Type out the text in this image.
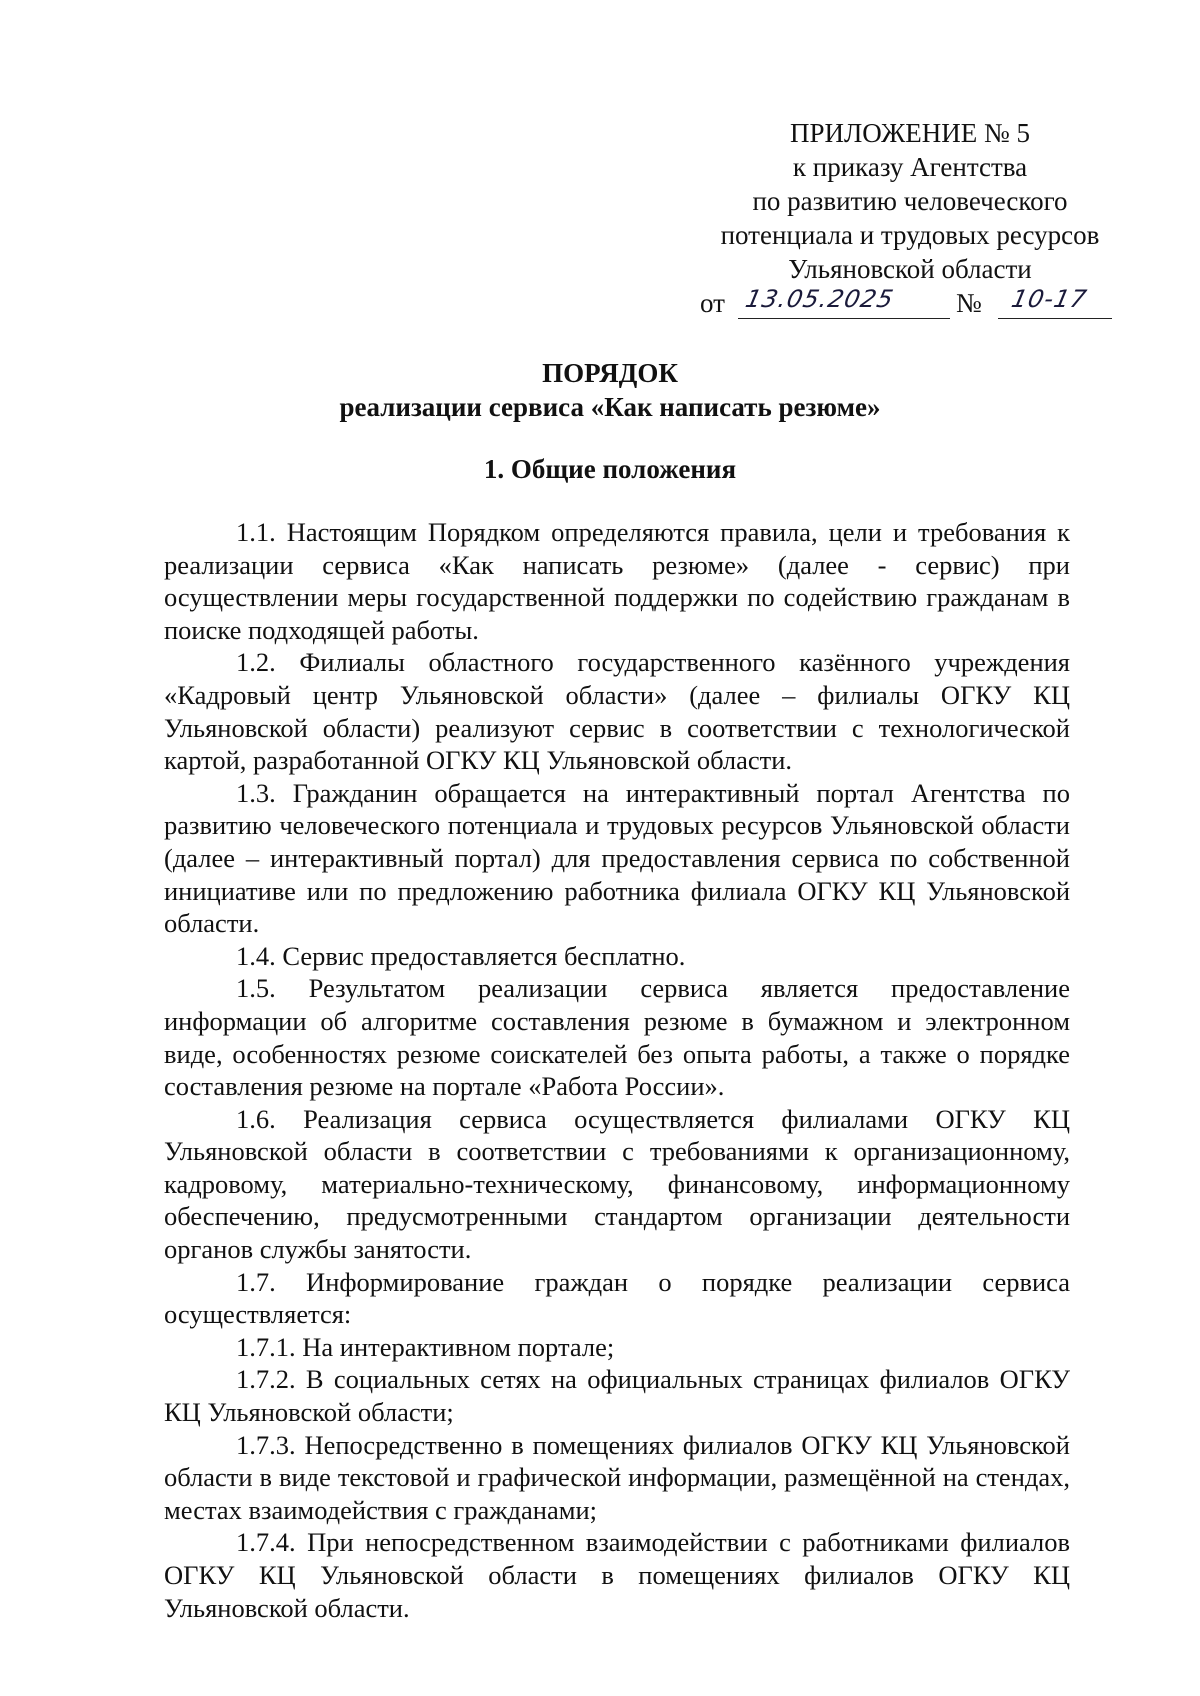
ПРИЛОЖЕНИЕ № 5
к приказу Агентства
по развитию человеческого
потенциала и трудовых ресурсов
Ульяновской области
от 13.05.2025 № 10-17
ПОРЯДОК
реализации сервиса «Как написать резюме»
1. Общие положения

1.1. Настоящим Порядком определяются правила, цели и требования к реализации сервиса «Как написать резюме» (далее - сервис) при осуществлении меры государственной поддержки по содействию гражданам в поиске подходящей работы.

1.2. Филиалы областного государственного казённого учреждения «Кадровый центр Ульяновской области» (далее – филиалы ОГКУ КЦ Ульяновской области) реализуют сервис в соответствии с технологической картой, разработанной ОГКУ КЦ Ульяновской области.

1.3. Гражданин обращается на интерактивный портал Агентства по развитию человеческого потенциала и трудовых ресурсов Ульяновской области (далее – интерактивный портал) для предоставления сервиса по собственной инициативе или по предложению работника филиала ОГКУ КЦ Ульяновской области.

1.4. Сервис предоставляется бесплатно.

1.5. Результатом реализации сервиса является предоставление информации об алгоритме составления резюме в бумажном и электронном виде, особенностях резюме соискателей без опыта работы, а также о порядке составления резюме на портале «Работа России».

1.6. Реализация сервиса осуществляется филиалами ОГКУ КЦ Ульяновской области в соответствии с требованиями к организационному, кадровому, материально-техническому, финансовому, информационному обеспечению, предусмотренными стандартом организации деятельности органов службы занятости.

1.7. Информирование граждан о порядке реализации сервиса осуществляется:

1.7.1. На интерактивном портале;

1.7.2. В социальных сетях на официальных страницах филиалов ОГКУ КЦ Ульяновской области;

1.7.3. Непосредственно в помещениях филиалов ОГКУ КЦ Ульяновской области в виде текстовой и графической информации, размещённой на стендах, местах взаимодействия с гражданами;

1.7.4. При непосредственном взаимодействии с работниками филиалов ОГКУ КЦ Ульяновской области в помещениях филиалов ОГКУ КЦ Ульяновской области.
